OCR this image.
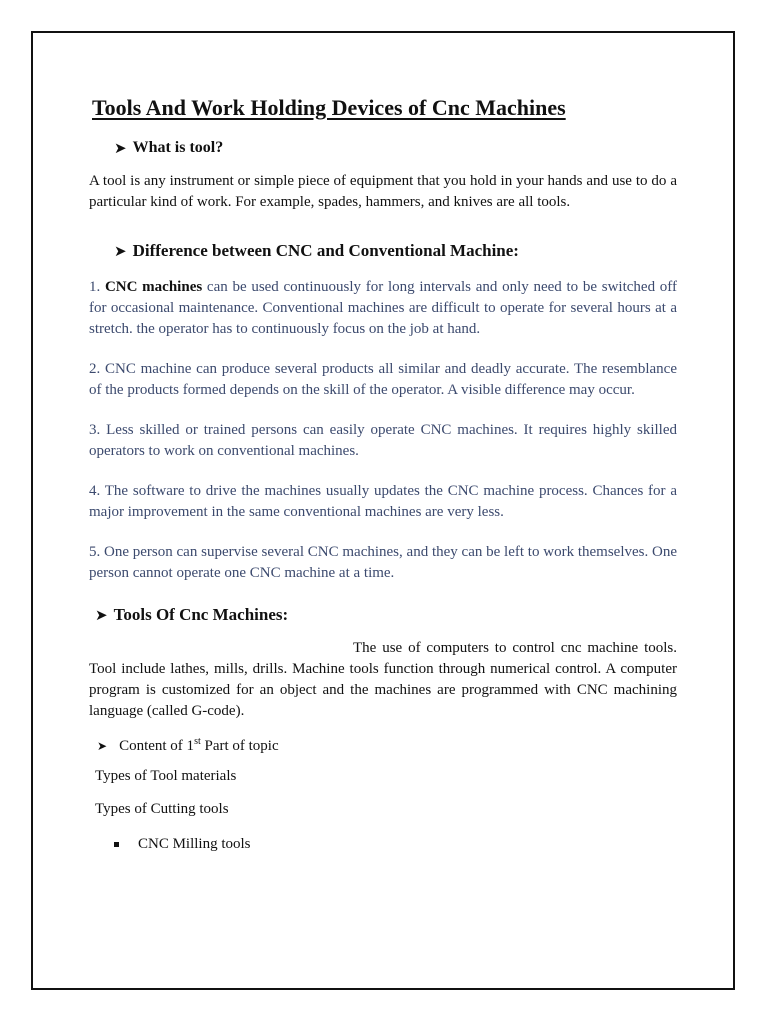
Tools And Work Holding Devices of Cnc Machines
➤ What is tool?

A tool is any instrument or simple piece of equipment that you hold in your hands and use to do a particular kind of work. For example, spades, hammers, and knives are all tools.

➤ Difference between CNC and Conventional Machine:

1. CNC machines can be used continuously for long intervals and only need to be switched off for occasional maintenance. Conventional machines are difficult to operate for several hours at a stretch. the operator has to continuously focus on the job at hand.

2. CNC machine can produce several products all similar and deadly accurate. The resemblance of the products formed depends on the skill of the operator. A visible difference may occur.

3. Less skilled or trained persons can easily operate CNC machines. It requires highly skilled operators to work on conventional machines.

4. The software to drive the machines usually updates the CNC machine process. Chances for a major improvement in the same conventional machines are very less.

5. One person can supervise several CNC machines, and they can be left to work themselves. One person cannot operate one CNC machine at a time.

➤ Tools Of Cnc Machines:

The use of computers to control cnc machine tools. Tool include lathes, mills, drills. Machine tools function through numerical control. A computer program is customized for an object and the machines are programmed with CNC machining language (called G-code).

➤ Content of 1st Part of topic
Types of Tool materials
Types of Cutting tools
CNC Milling tools
